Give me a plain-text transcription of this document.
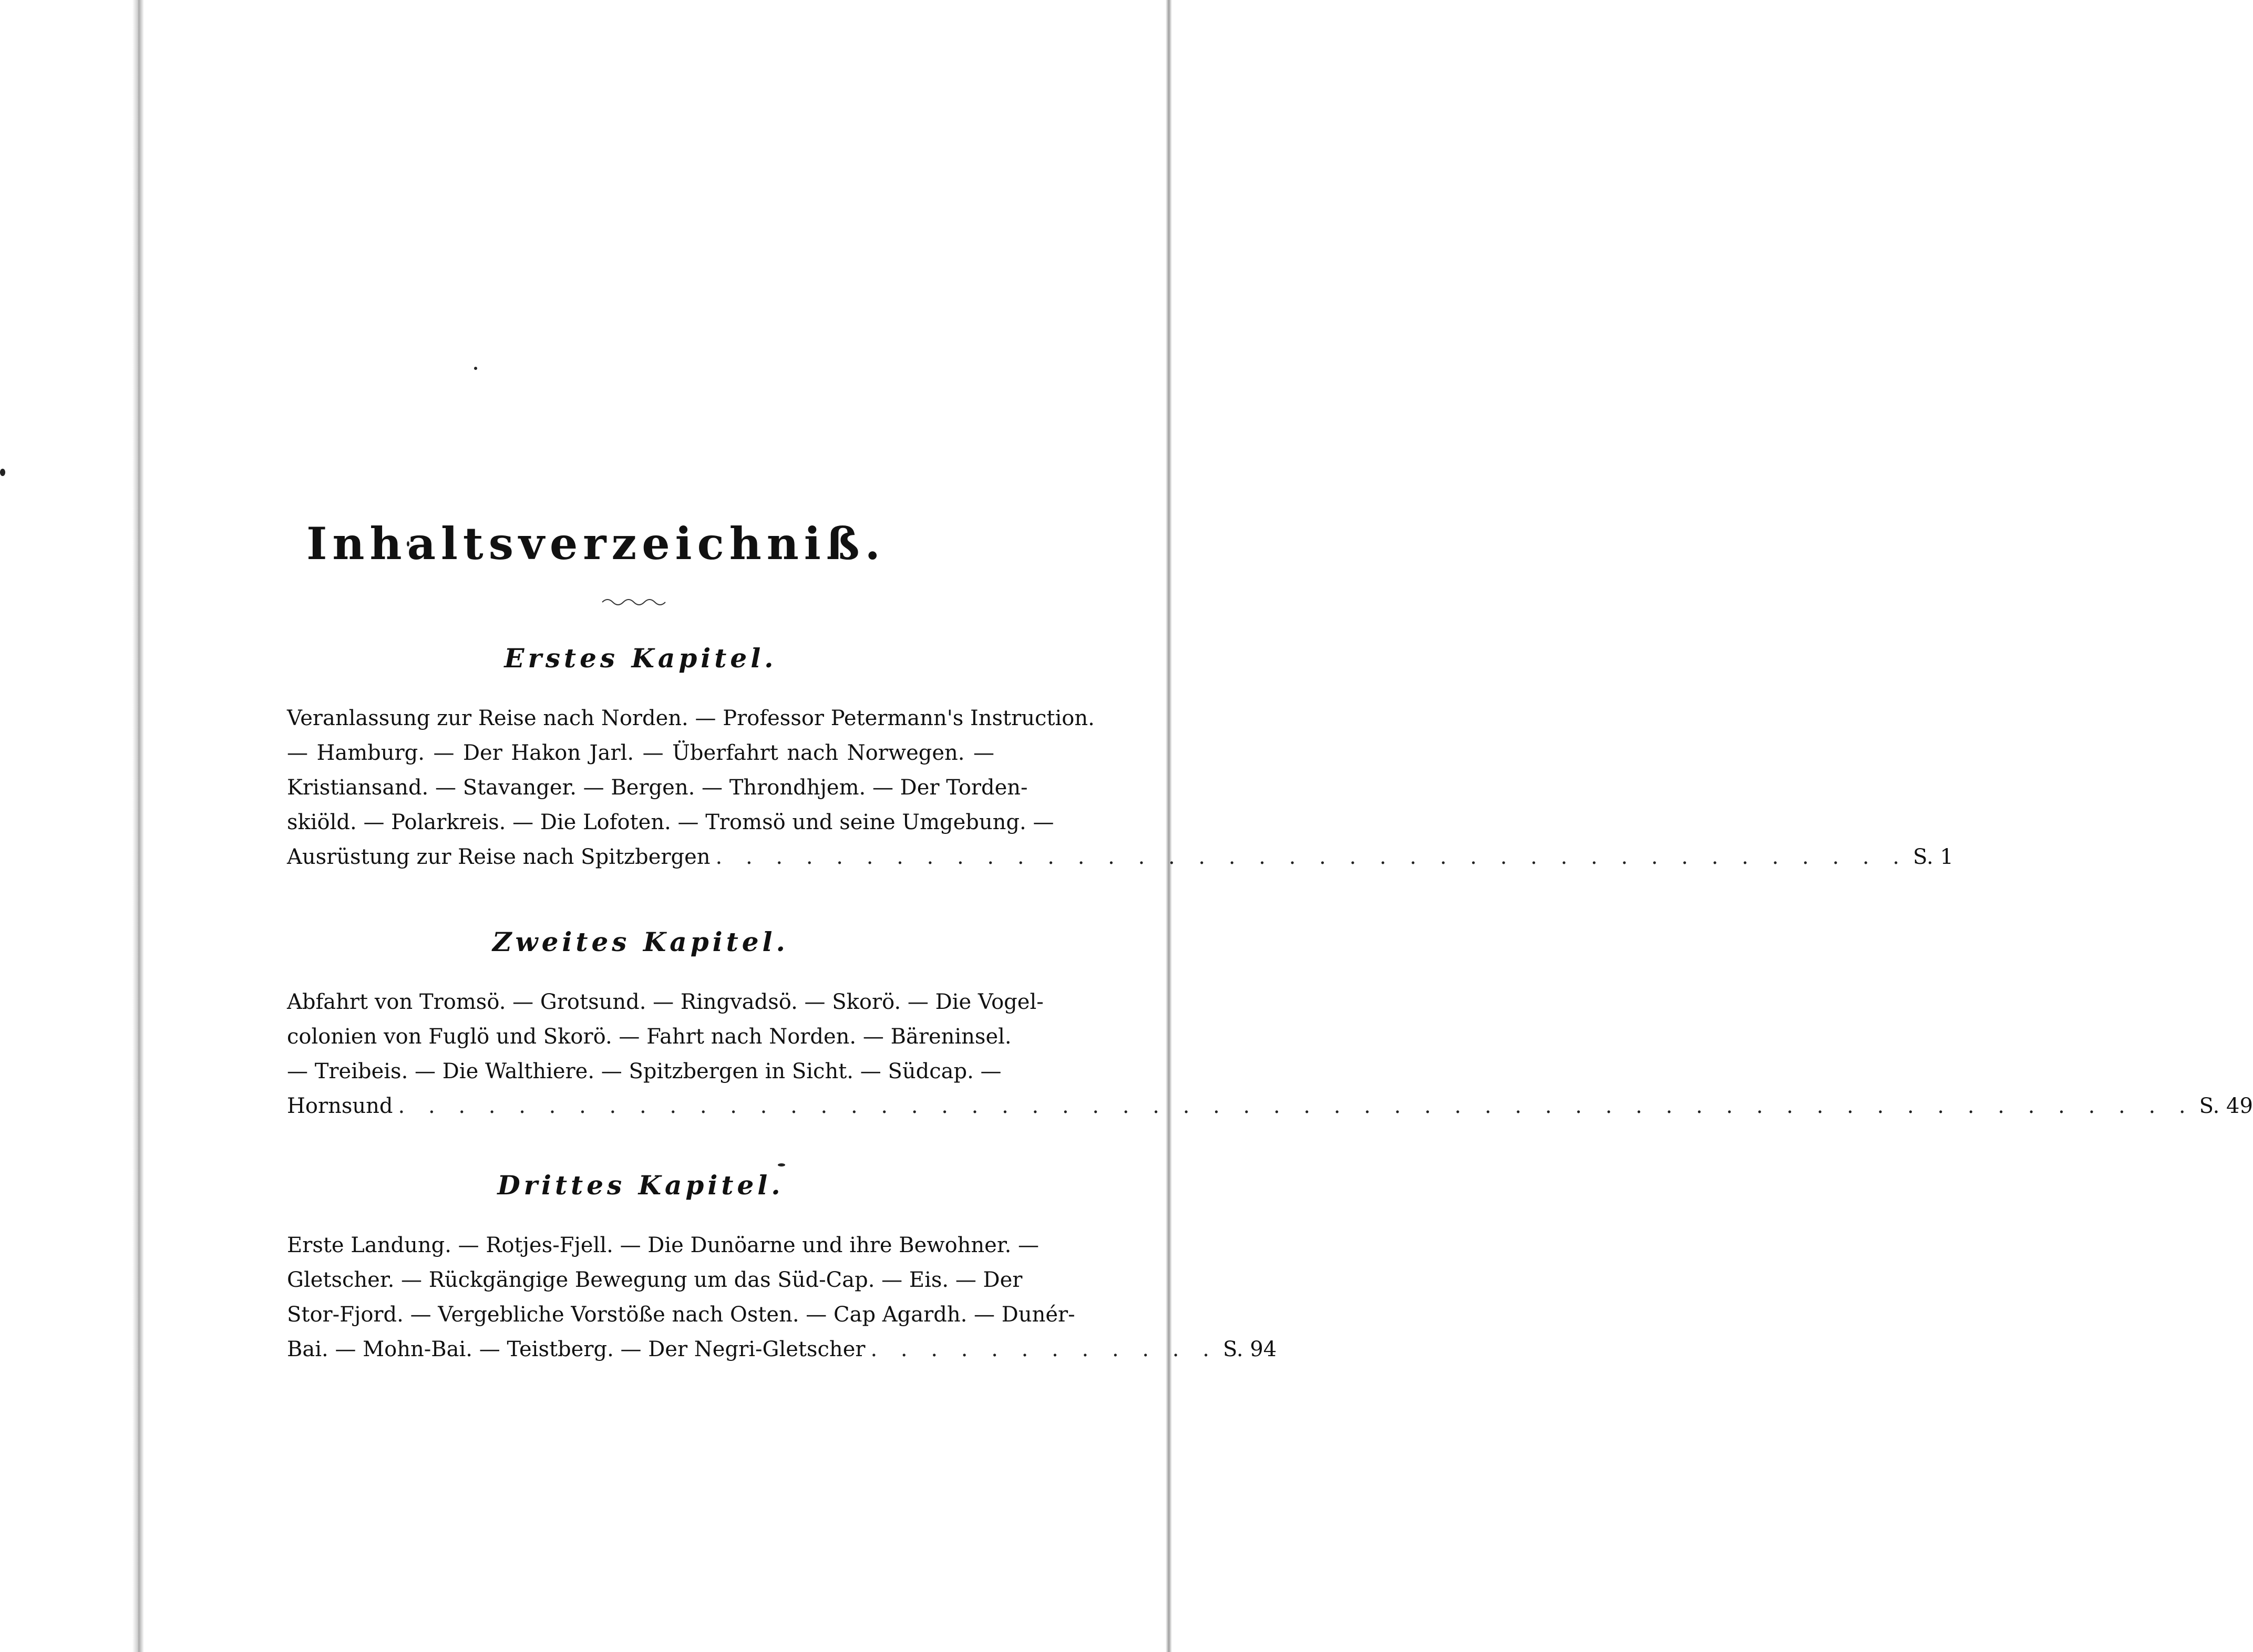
Inhaltsverzeichniß.
Erstes Kapitel.
Veranlassung zur Reise nach Norden. — Professor Petermann's Instruction.
— Hamburg. — Der Hakon Jarl. — Überfahrt nach Norwegen. —
Kristiansand. — Stavanger. — Bergen. — Throndhjem. — Der Torden-
skiöld. — Polarkreis. — Die Lofoten. — Tromsö und seine Umgebung. —
Ausrüstung zur Reise nach Spitzbergen . . . . . . . . . . . . . . . . . . . . . . . . . . . . . . . . . . . . . . . . S. 1
Zweites Kapitel.
Abfahrt von Tromsö. — Grotsund. — Ringvadsö. — Skorö. — Die Vogel-
colonien von Fuglö und Skorö. — Fahrt nach Norden. — Bäreninsel.
— Treibeis. — Die Walthiere. — Spitzbergen in Sicht. — Südcap. —
Hornsund . . . . . . . . . . . . . . . . . . . . . . . . . . . . . . . . . . . . . . . . . . . . . . . . . . . . . . . . . . . . S. 49
Drittes Kapitel.
Erste Landung. — Rotjes-Fjell. — Die Dunöarne und ihre Bewohner. —
Gletscher. — Rückgängige Bewegung um das Süd-Cap. — Eis. — Der
Stor-Fjord. — Vergebliche Vorstöße nach Osten. — Cap Agardh. — Dunér-
Bai. — Mohn-Bai. — Teistberg. — Der Negri-Gletscher . . . . . . . . . . . . S. 94
